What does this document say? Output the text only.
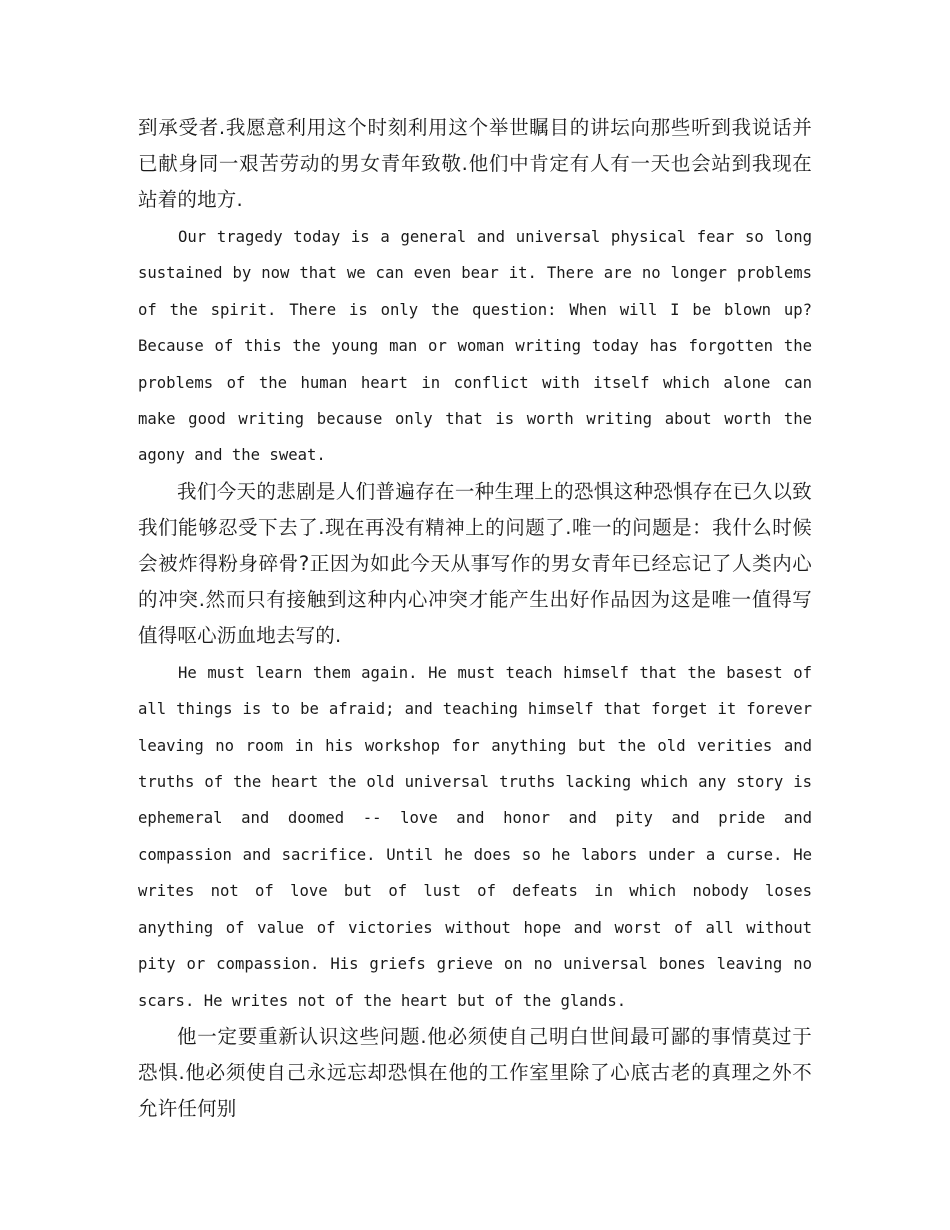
到承受者.我愿意利用这个时刻利用这个举世瞩目的讲坛向那些听到我说话并已献身同一艰苦劳动的男女青年致敬.他们中肯定有人有一天也会站到我现在站着的地方.

Our tragedy today is a general and universal physical fear so long sustained by now that we can even bear it. There are no longer problems of the spirit. There is only the question: When will I be blown up? Because of this the young man or woman writing today has forgotten the problems of the human heart in conflict with itself which alone can make good writing because only that is worth writing about worth the agony and the sweat.

我们今天的悲剧是人们普遍存在一种生理上的恐惧这种恐惧存在已久以致我们能够忍受下去了.现在再没有精神上的问题了.唯一的问题是：我什么时候会被炸得粉身碎骨?正因为如此今天从事写作的男女青年已经忘记了人类内心的冲突.然而只有接触到这种内心冲突才能产生出好作品因为这是唯一值得写值得呕心沥血地去写的.

He must learn them again. He must teach himself that the basest of all things is to be afraid; and teaching himself that forget it forever leaving no room in his workshop for anything but the old verities and truths of the heart the old universal truths lacking which any story is ephemeral and doomed -- love and honor and pity and pride and compassion and sacrifice. Until he does so he labors under a curse. He writes not of love but of lust of defeats in which nobody loses anything of value of victories without hope and worst of all without pity or compassion. His griefs grieve on no universal bones leaving no scars. He writes not of the heart but of the glands.

他一定要重新认识这些问题.他必须使自己明白世间最可鄙的事情莫过于恐惧.他必须使自己永远忘却恐惧在他的工作室里除了心底古老的真理之外不允许任何别
